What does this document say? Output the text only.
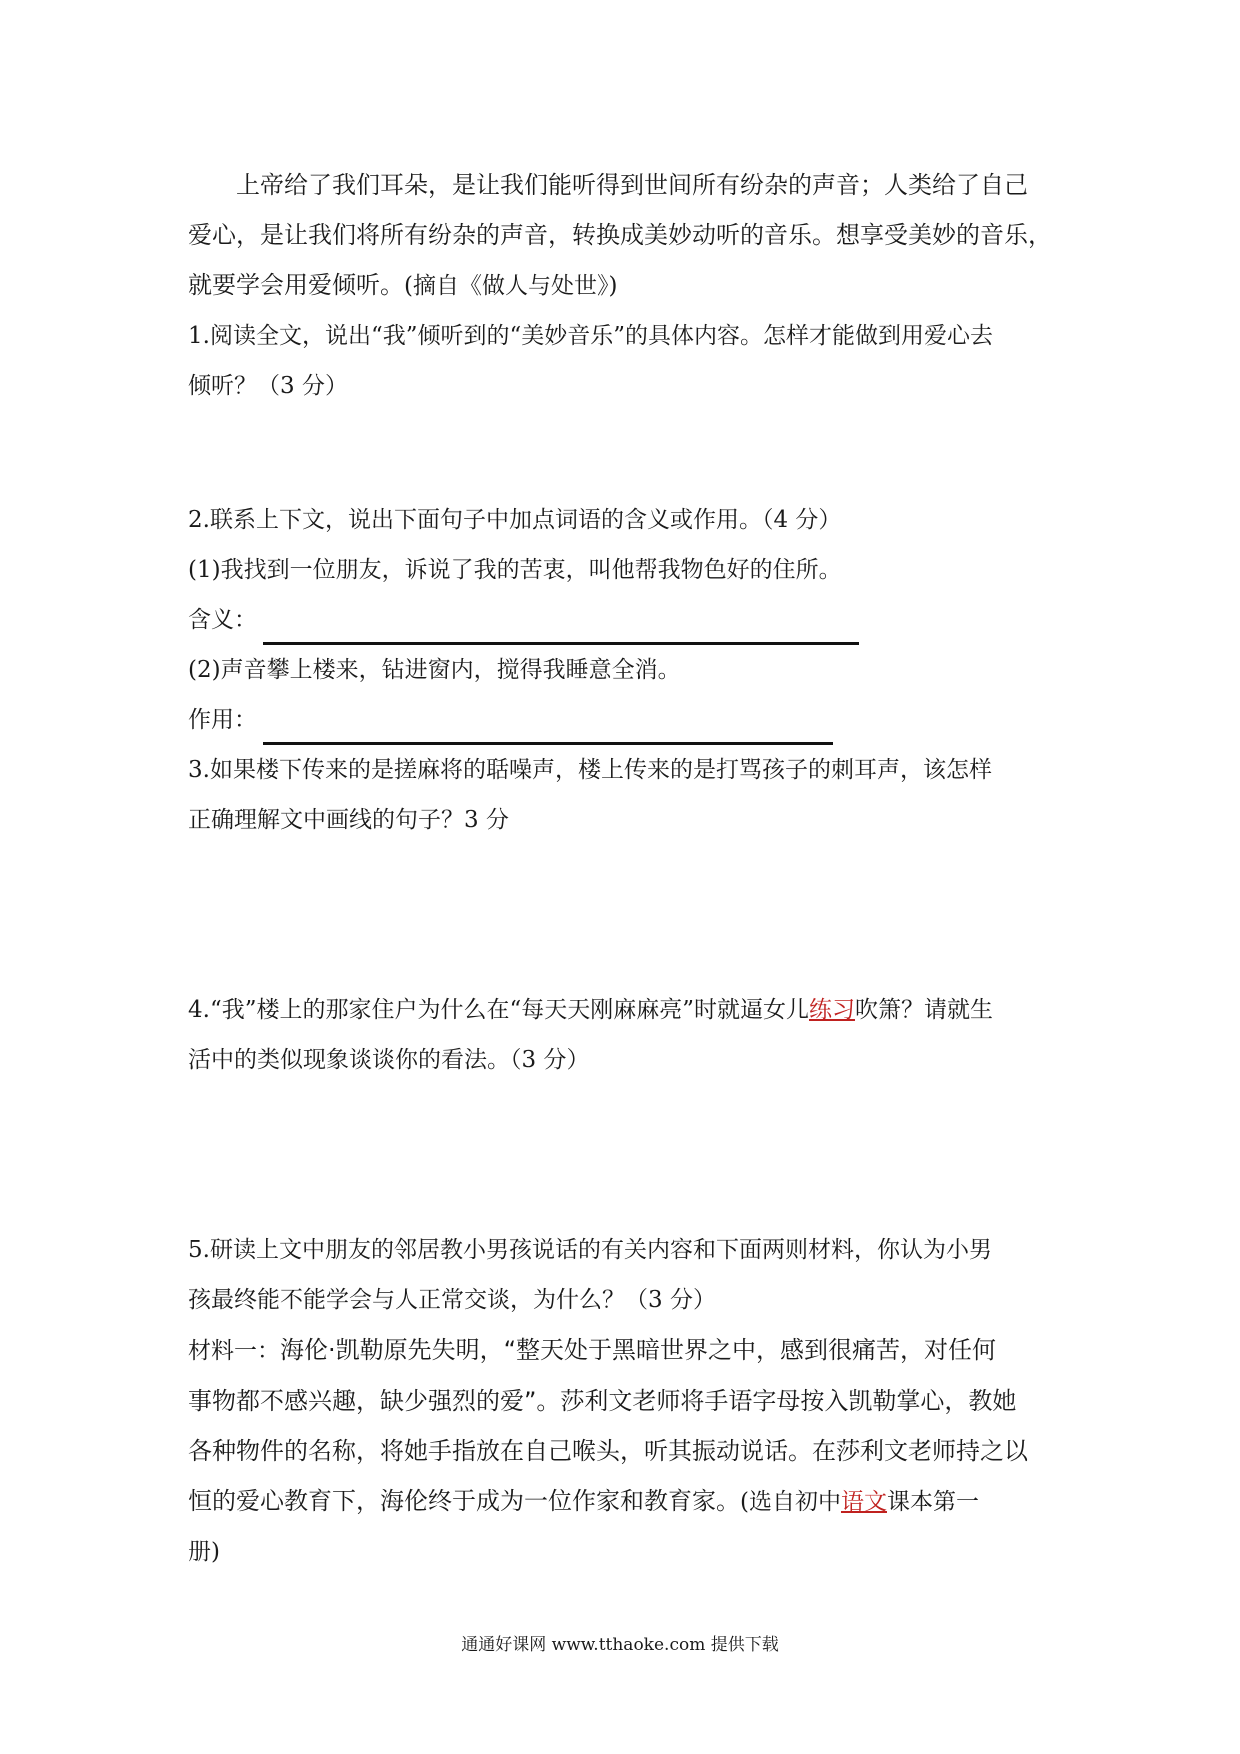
上帝给了我们耳朵，是让我们能听得到世间所有纷杂的声音；人类给了自己
爱心，是让我们将所有纷杂的声音，转换成美妙动听的音乐。想享受美妙的音乐，
就要学会用爱倾听。(摘自《做人与处世》)

1.阅读全文，说出“我”倾听到的“美妙音乐”的具体内容。怎样才能做到用爱心去

倾听？（3 分）

2.联系上下文，说出下面句子中加点词语的含义或作用。（4 分）

(1)我找到一位朋友，诉说了我的苦衷，叫他帮我物色好的住所。

含义：

(2)声音攀上楼来，钻进窗内，搅得我睡意全消。

作用：

3.如果楼下传来的是搓麻将的聒噪声，楼上传来的是打骂孩子的刺耳声，该怎样

正确理解文中画线的句子？3 分

4.“我”楼上的那家住户为什么在“每天天刚麻麻亮”时就逼女儿练习吹箫？请就生

活中的类似现象谈谈你的看法。（3 分）

5.研读上文中朋友的邻居教小男孩说话的有关内容和下面两则材料，你认为小男

孩最终能不能学会与人正常交谈，为什么？（3 分）

材料一：海伦·凯勒原先失明，“整天处于黑暗世界之中，感到很痛苦，对任何

事物都不感兴趣，缺少强烈的爱”。莎利文老师将手语字母按入凯勒掌心，教她

各种物件的名称，将她手指放在自己喉头，听其振动说话。在莎利文老师持之以

恒的爱心教育下，海伦终于成为一位作家和教育家。(选自初中语文课本第一

册)

通通好课网 www.tthaoke.com 提供下载
